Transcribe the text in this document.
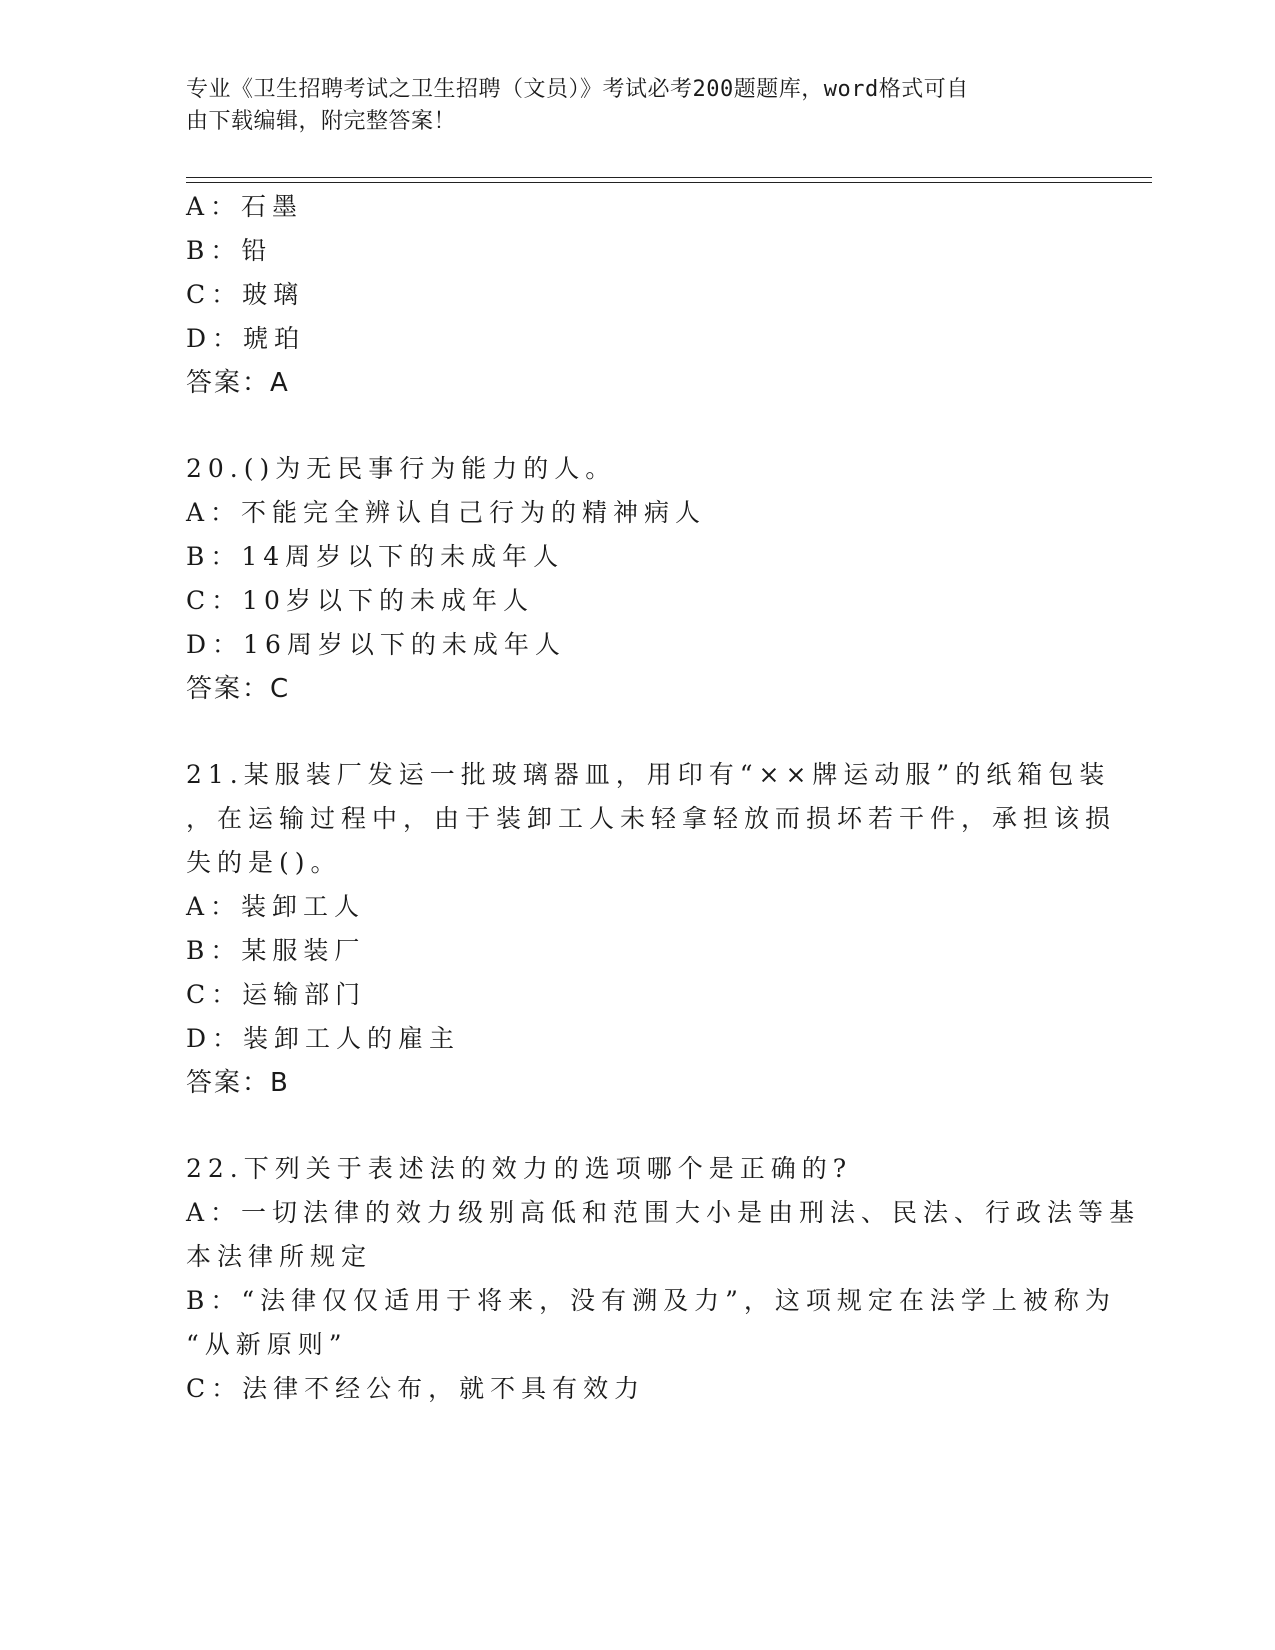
专业《卫生招聘考试之卫生招聘（文员）》考试必考200题题库，word格式可自
由下载编辑，附完整答案！
A：石墨
B：铅
C：玻璃
D：琥珀
答案：A
20.()为无民事行为能力的人。
A：不能完全辨认自己行为的精神病人
B：14周岁以下的未成年人
C：10岁以下的未成年人
D：16周岁以下的未成年人
答案：C
21.某服装厂发运一批玻璃器皿，用印有“××牌运动服”的纸箱包装
，在运输过程中，由于装卸工人未轻拿轻放而损坏若干件，承担该损
失的是()。
A：装卸工人
B：某服装厂
C：运输部门
D：装卸工人的雇主
答案：B
22.下列关于表述法的效力的选项哪个是正确的?
A：一切法律的效力级别高低和范围大小是由刑法、民法、行政法等基
本法律所规定
B：“法律仅仅适用于将来，没有溯及力”，这项规定在法学上被称为
“从新原则”
C：法律不经公布，就不具有效力
